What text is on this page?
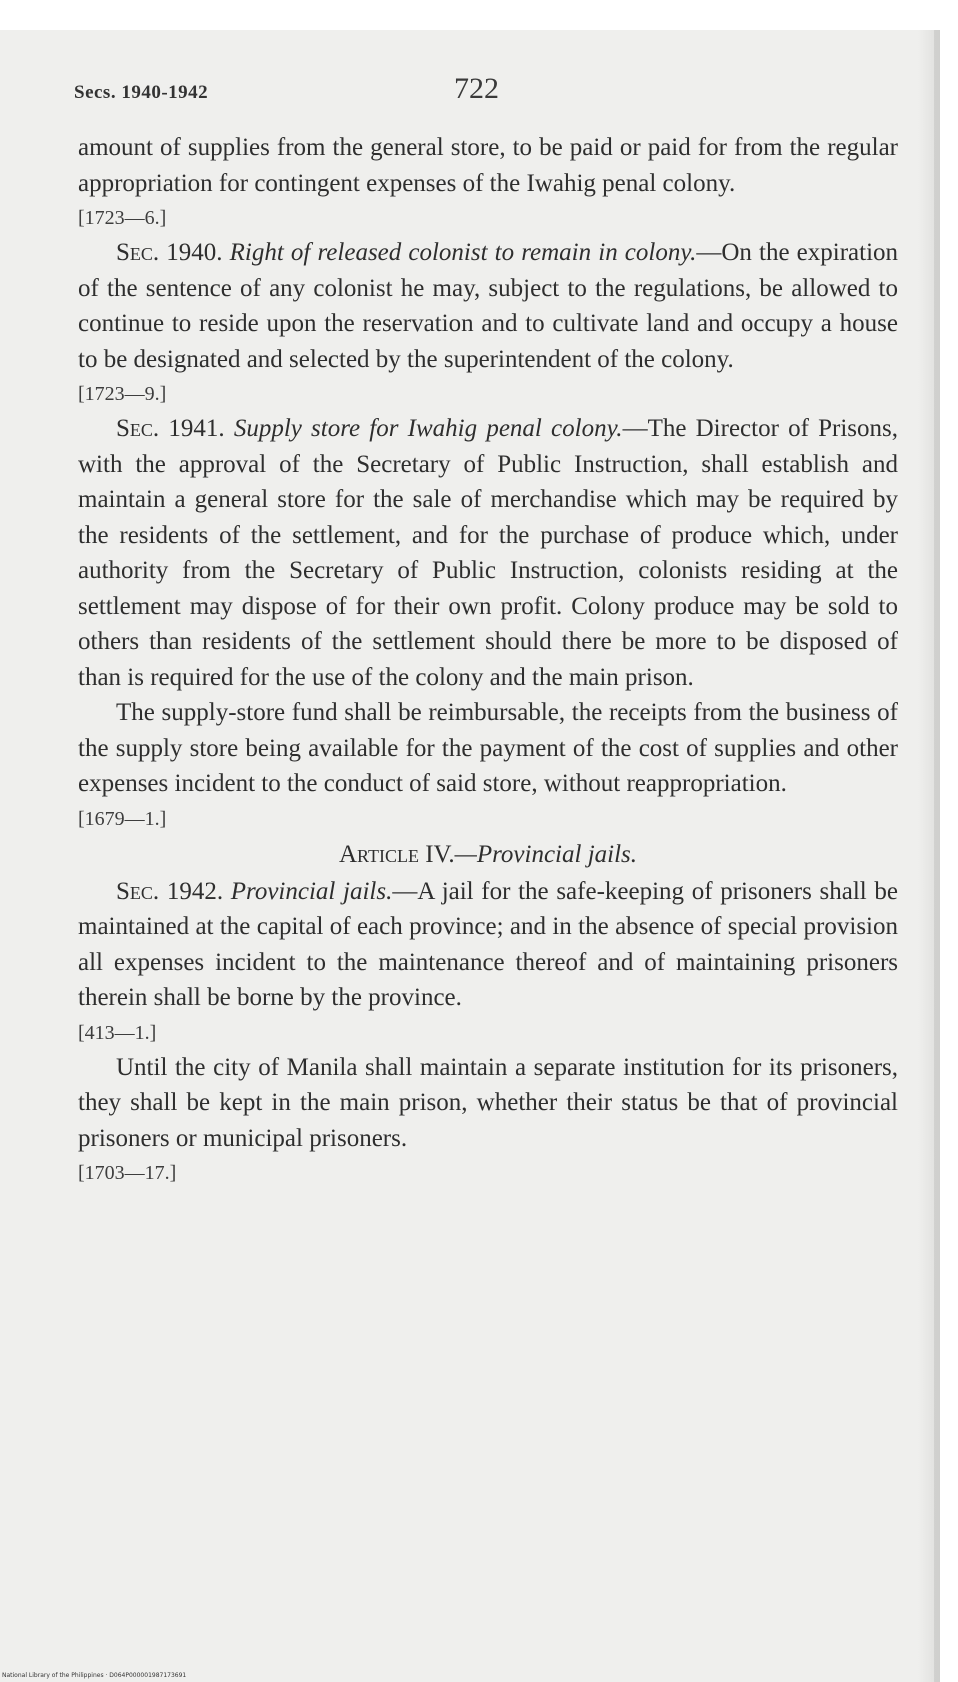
Secs. 1940-1942	722

amount of supplies from the general store, to be paid or paid for from the regular appropriation for contingent expenses of the Iwahig penal colony.

[1723—6.]

Sec. 1940. Right of released colonist to remain in colony.—On the expiration of the sentence of any colonist he may, subject to the regulations, be allowed to continue to reside upon the reservation and to cultivate land and occupy a house to be designated and selected by the superintendent of the colony.

[1723—9.]

Sec. 1941. Supply store for Iwahig penal colony.—The Director of Prisons, with the approval of the Secretary of Public Instruction, shall establish and maintain a general store for the sale of merchandise which may be required by the residents of the settlement, and for the purchase of produce which, under authority from the Secretary of Public Instruction, colonists residing at the settlement may dispose of for their own profit. Colony produce may be sold to others than residents of the settlement should there be more to be disposed of than is required for the use of the colony and the main prison.

The supply-store fund shall be reimbursable, the receipts from the business of the supply store being available for the payment of the cost of supplies and other expenses incident to the conduct of said store, without reappropriation.

[1679—1.]

Article IV.—Provincial jails.

Sec. 1942. Provincial jails.—A jail for the safe-keeping of prisoners shall be maintained at the capital of each province; and in the absence of special provision all expenses incident to the maintenance thereof and of maintaining prisoners therein shall be borne by the province.

[413—1.]

Until the city of Manila shall maintain a separate institution for its prisoners, they shall be kept in the main prison, whether their status be that of provincial prisoners or municipal prisoners.

[1703—17.]

National Library of the Philippines · D064P000001987173691
